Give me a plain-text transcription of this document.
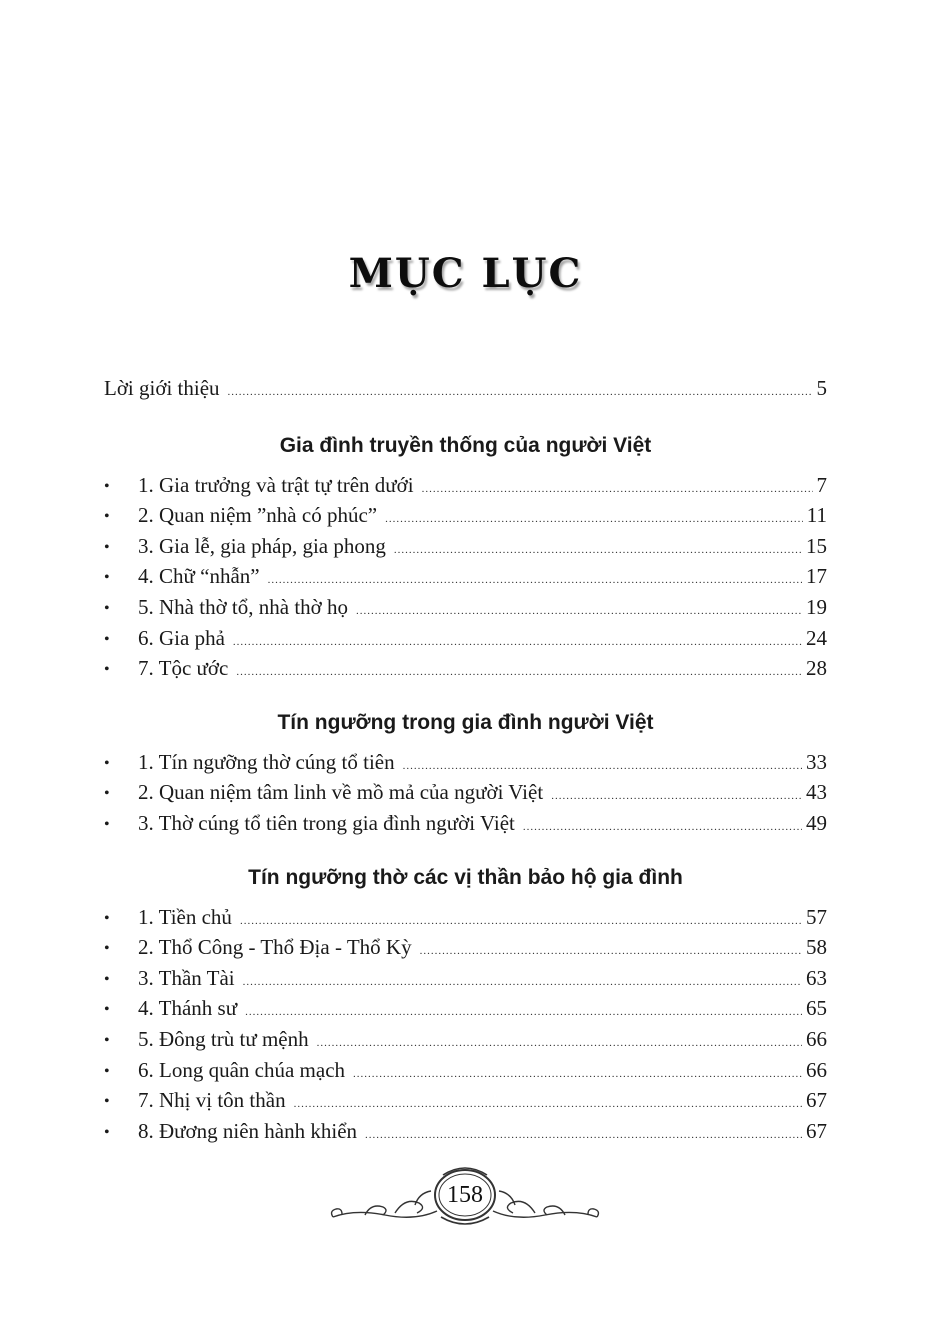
MỤC LỤC
Lời giới thiệu .....	5
Gia đình truyền thống của người Việt
•	1. Gia trưởng và trật tự trên dưới .....	7
•	2. Quan niệm ”nhà có phúc” .....	11
•	3. Gia lễ, gia pháp, gia phong .....	15
•	4. Chữ “nhẫn” .....	17
•	5. Nhà thờ tổ, nhà thờ họ .....	19
•	6. Gia phả .....	24
•	7. Tộc ước .....	28
Tín ngưỡng trong gia đình người Việt
•	1. Tín ngưỡng thờ cúng tổ tiên .....	33
•	2. Quan niệm tâm linh về mồ mả của người Việt .....	43
•	3. Thờ cúng tổ tiên trong gia đình người Việt .....	49
Tín ngưỡng thờ các vị thần bảo hộ gia đình
•	1. Tiền chủ .....	57
•	2. Thổ Công - Thổ Địa - Thổ Kỳ .....	58
•	3. Thần Tài .....	63
•	4. Thánh sư .....	65
•	5. Đông trù tư mệnh .....	66
•	6. Long quân chúa mạch .....	66
•	7. Nhị vị tôn thần .....	67
•	8. Đương niên hành khiển .....	67
158
